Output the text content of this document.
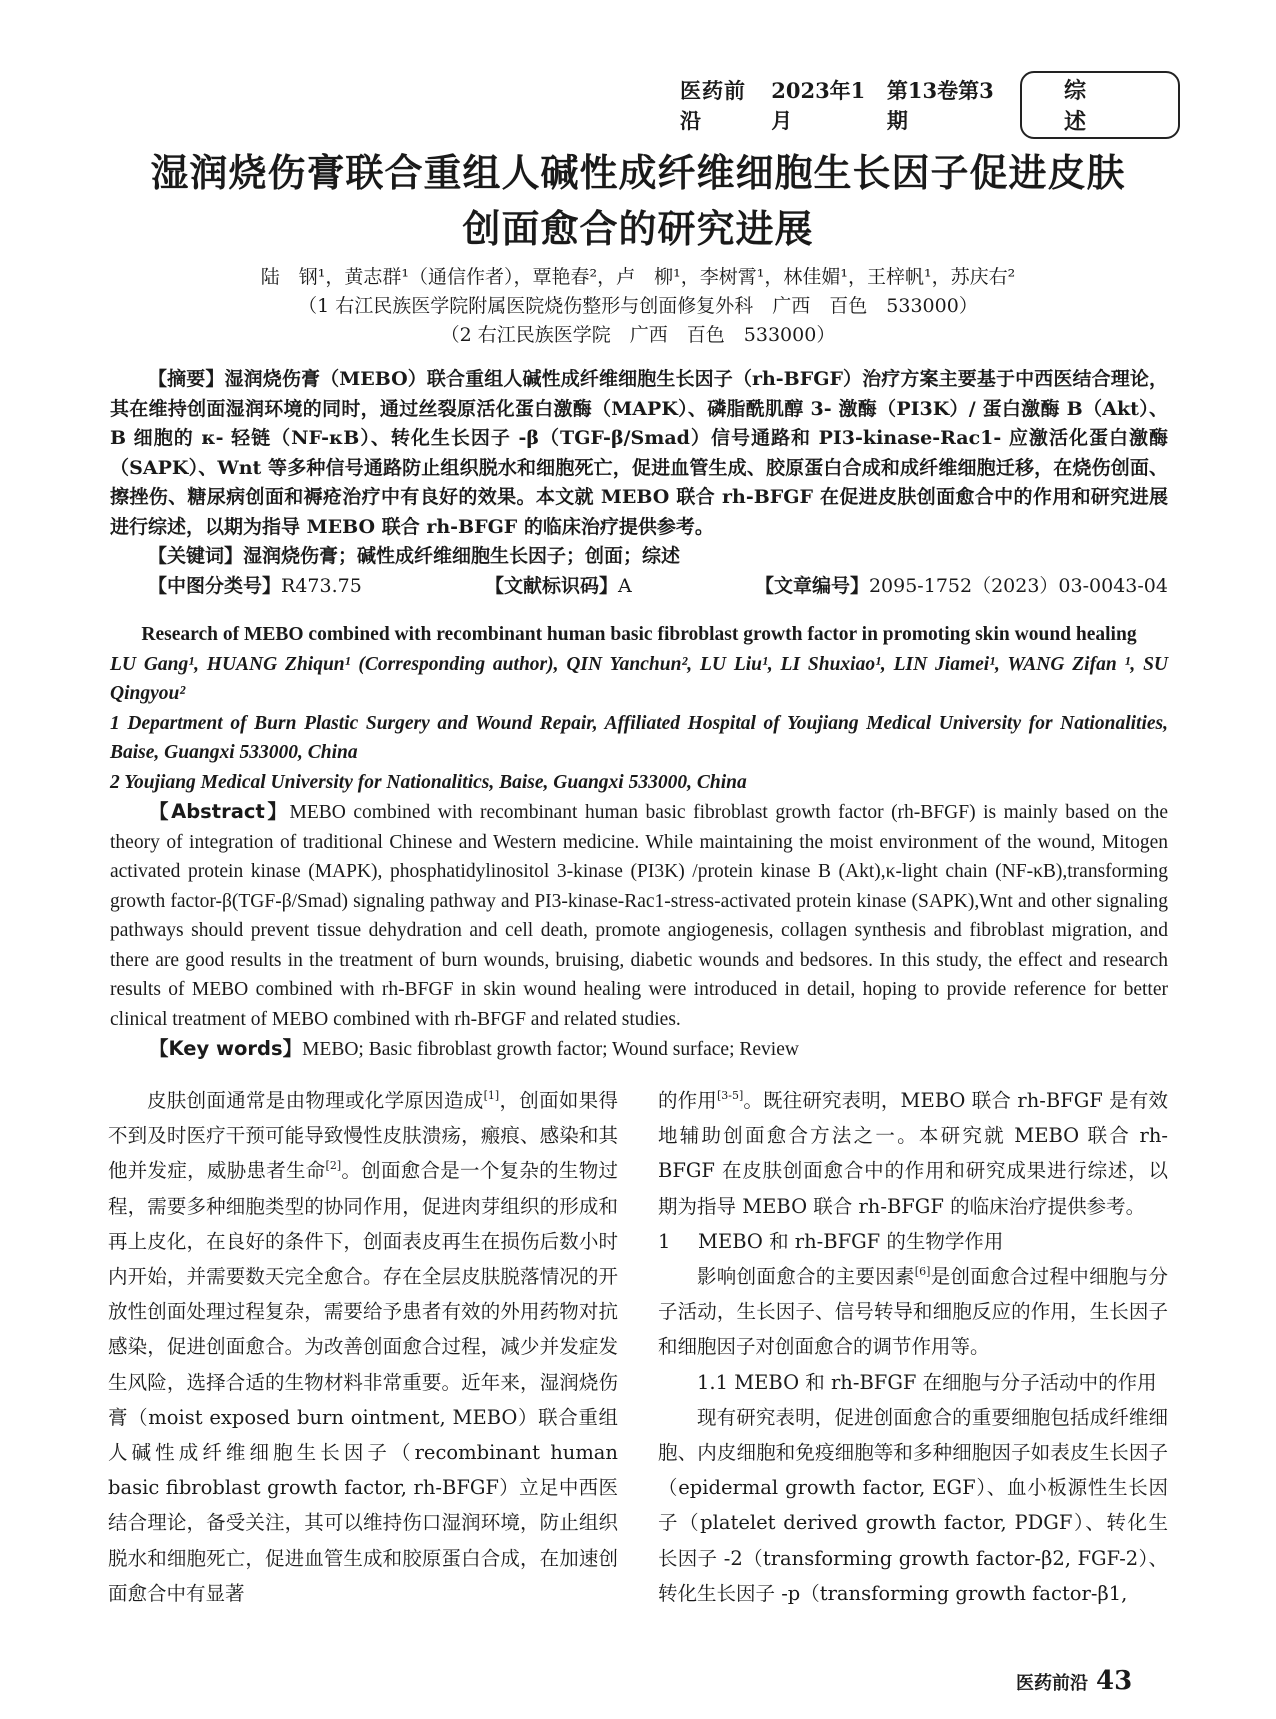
医药前沿
2023年1月
第13卷第3期
综述
湿润烧伤膏联合重组人碱性成纤维细胞生长因子促进皮肤
创面愈合的研究进展
陆　钢¹，黄志群¹（通信作者），覃艳春²，卢　柳¹，李树霄¹，林佳媚¹，王梓帆¹，苏庆右²
（1 右江民族医学院附属医院烧伤整形与创面修复外科　广西　百色　533000）
（2 右江民族医学院　广西　百色　533000）
【摘要】湿润烧伤膏（MEBO）联合重组人碱性成纤维细胞生长因子（rh-BFGF）治疗方案主要基于中西医结合理论，其在维持创面湿润环境的同时，通过丝裂原活化蛋白激酶（MAPK）、磷脂酰肌醇 3- 激酶（PI3K）/ 蛋白激酶 B（Akt）、B 细胞的 κ- 轻链（NF-κB）、转化生长因子 -β（TGF-β/Smad）信号通路和 PI3-kinase-Rac1- 应激活化蛋白激酶（SAPK）、Wnt 等多种信号通路防止组织脱水和细胞死亡，促进血管生成、胶原蛋白合成和成纤维细胞迁移，在烧伤创面、擦挫伤、糖尿病创面和褥疮治疗中有良好的效果。本文就 MEBO 联合 rh-BFGF 在促进皮肤创面愈合中的作用和研究进展进行综述，以期为指导 MEBO 联合 rh-BFGF 的临床治疗提供参考。
【关键词】湿润烧伤膏；碱性成纤维细胞生长因子；创面；综述
【中图分类号】R473.75	【文献标识码】A	【文章编号】2095-1752（2023）03-0043-04
Research of MEBO combined with recombinant human basic fibroblast growth factor in promoting skin wound healing
LU Gang¹, HUANG Zhiqun¹ (Corresponding author), QIN Yanchun², LU Liu¹, LI Shuxiao¹, LIN Jiamei¹, WANG Zifan ¹, SU Qingyou²
1 Department of Burn Plastic Surgery and Wound Repair, Affiliated Hospital of Youjiang Medical University for Nationalities, Baise, Guangxi 533000, China
2 Youjiang Medical University for Nationalitics, Baise, Guangxi 533000, China
【Abstract】MEBO combined with recombinant human basic fibroblast growth factor (rh-BFGF) is mainly based on the theory of integration of traditional Chinese and Western medicine. While maintaining the moist environment of the wound, Mitogen activated protein kinase (MAPK), phosphatidylinositol 3-kinase (PI3K) /protein kinase B (Akt),κ-light chain (NF-κB),transforming growth factor-β(TGF-β/Smad) signaling pathway and PI3-kinase-Rac1-stress-activated protein kinase (SAPK),Wnt and other signaling pathways should prevent tissue dehydration and cell death, promote angiogenesis, collagen synthesis and fibroblast migration, and there are good results in the treatment of burn wounds, bruising, diabetic wounds and bedsores. In this study, the effect and research results of MEBO combined with rh-BFGF in skin wound healing were introduced in detail, hoping to provide reference for better clinical treatment of MEBO combined with rh-BFGF and related studies.
【Key words】MEBO; Basic fibroblast growth factor; Wound surface; Review

皮肤创面通常是由物理或化学原因造成[1]，创面如果得不到及时医疗干预可能导致慢性皮肤溃疡，瘢痕、感染和其他并发症，威胁患者生命[2]。创面愈合是一个复杂的生物过程，需要多种细胞类型的协同作用，促进肉芽组织的形成和再上皮化，在良好的条件下，创面表皮再生在损伤后数小时内开始，并需要数天完全愈合。存在全层皮肤脱落情况的开放性创面处理过程复杂，需要给予患者有效的外用药物对抗感染，促进创面愈合。为改善创面愈合过程，减少并发症发生风险，选择合适的生物材料非常重要。近年来，湿润烧伤膏（moist exposed burn ointment, MEBO）联合重组人碱性成纤维细胞生长因子（recombinant human basic fibroblast growth factor, rh-BFGF）立足中西医结合理论，备受关注，其可以维持伤口湿润环境，防止组织脱水和细胞死亡，促进血管生成和胶原蛋白合成，在加速创面愈合中有显著

的作用[3-5]。既往研究表明，MEBO 联合 rh-BFGF 是有效地辅助创面愈合方法之一。本研究就 MEBO 联合 rh-BFGF 在皮肤创面愈合中的作用和研究成果进行综述，以期为指导 MEBO 联合 rh-BFGF 的临床治疗提供参考。

1 MEBO 和 rh-BFGF 的生物学作用

影响创面愈合的主要因素[6]是创面愈合过程中细胞与分子活动，生长因子、信号转导和细胞反应的作用，生长因子和细胞因子对创面愈合的调节作用等。

1.1 MEBO 和 rh-BFGF 在细胞与分子活动中的作用

现有研究表明，促进创面愈合的重要细胞包括成纤维细胞、内皮细胞和免疫细胞等和多种细胞因子如表皮生长因子（epidermal growth factor, EGF）、血小板源性生长因子（platelet derived growth factor, PDGF）、转化生长因子 -2（transforming growth factor-β2, FGF-2）、转化生长因子 -p（transforming growth factor-β1,

医药前沿 43
